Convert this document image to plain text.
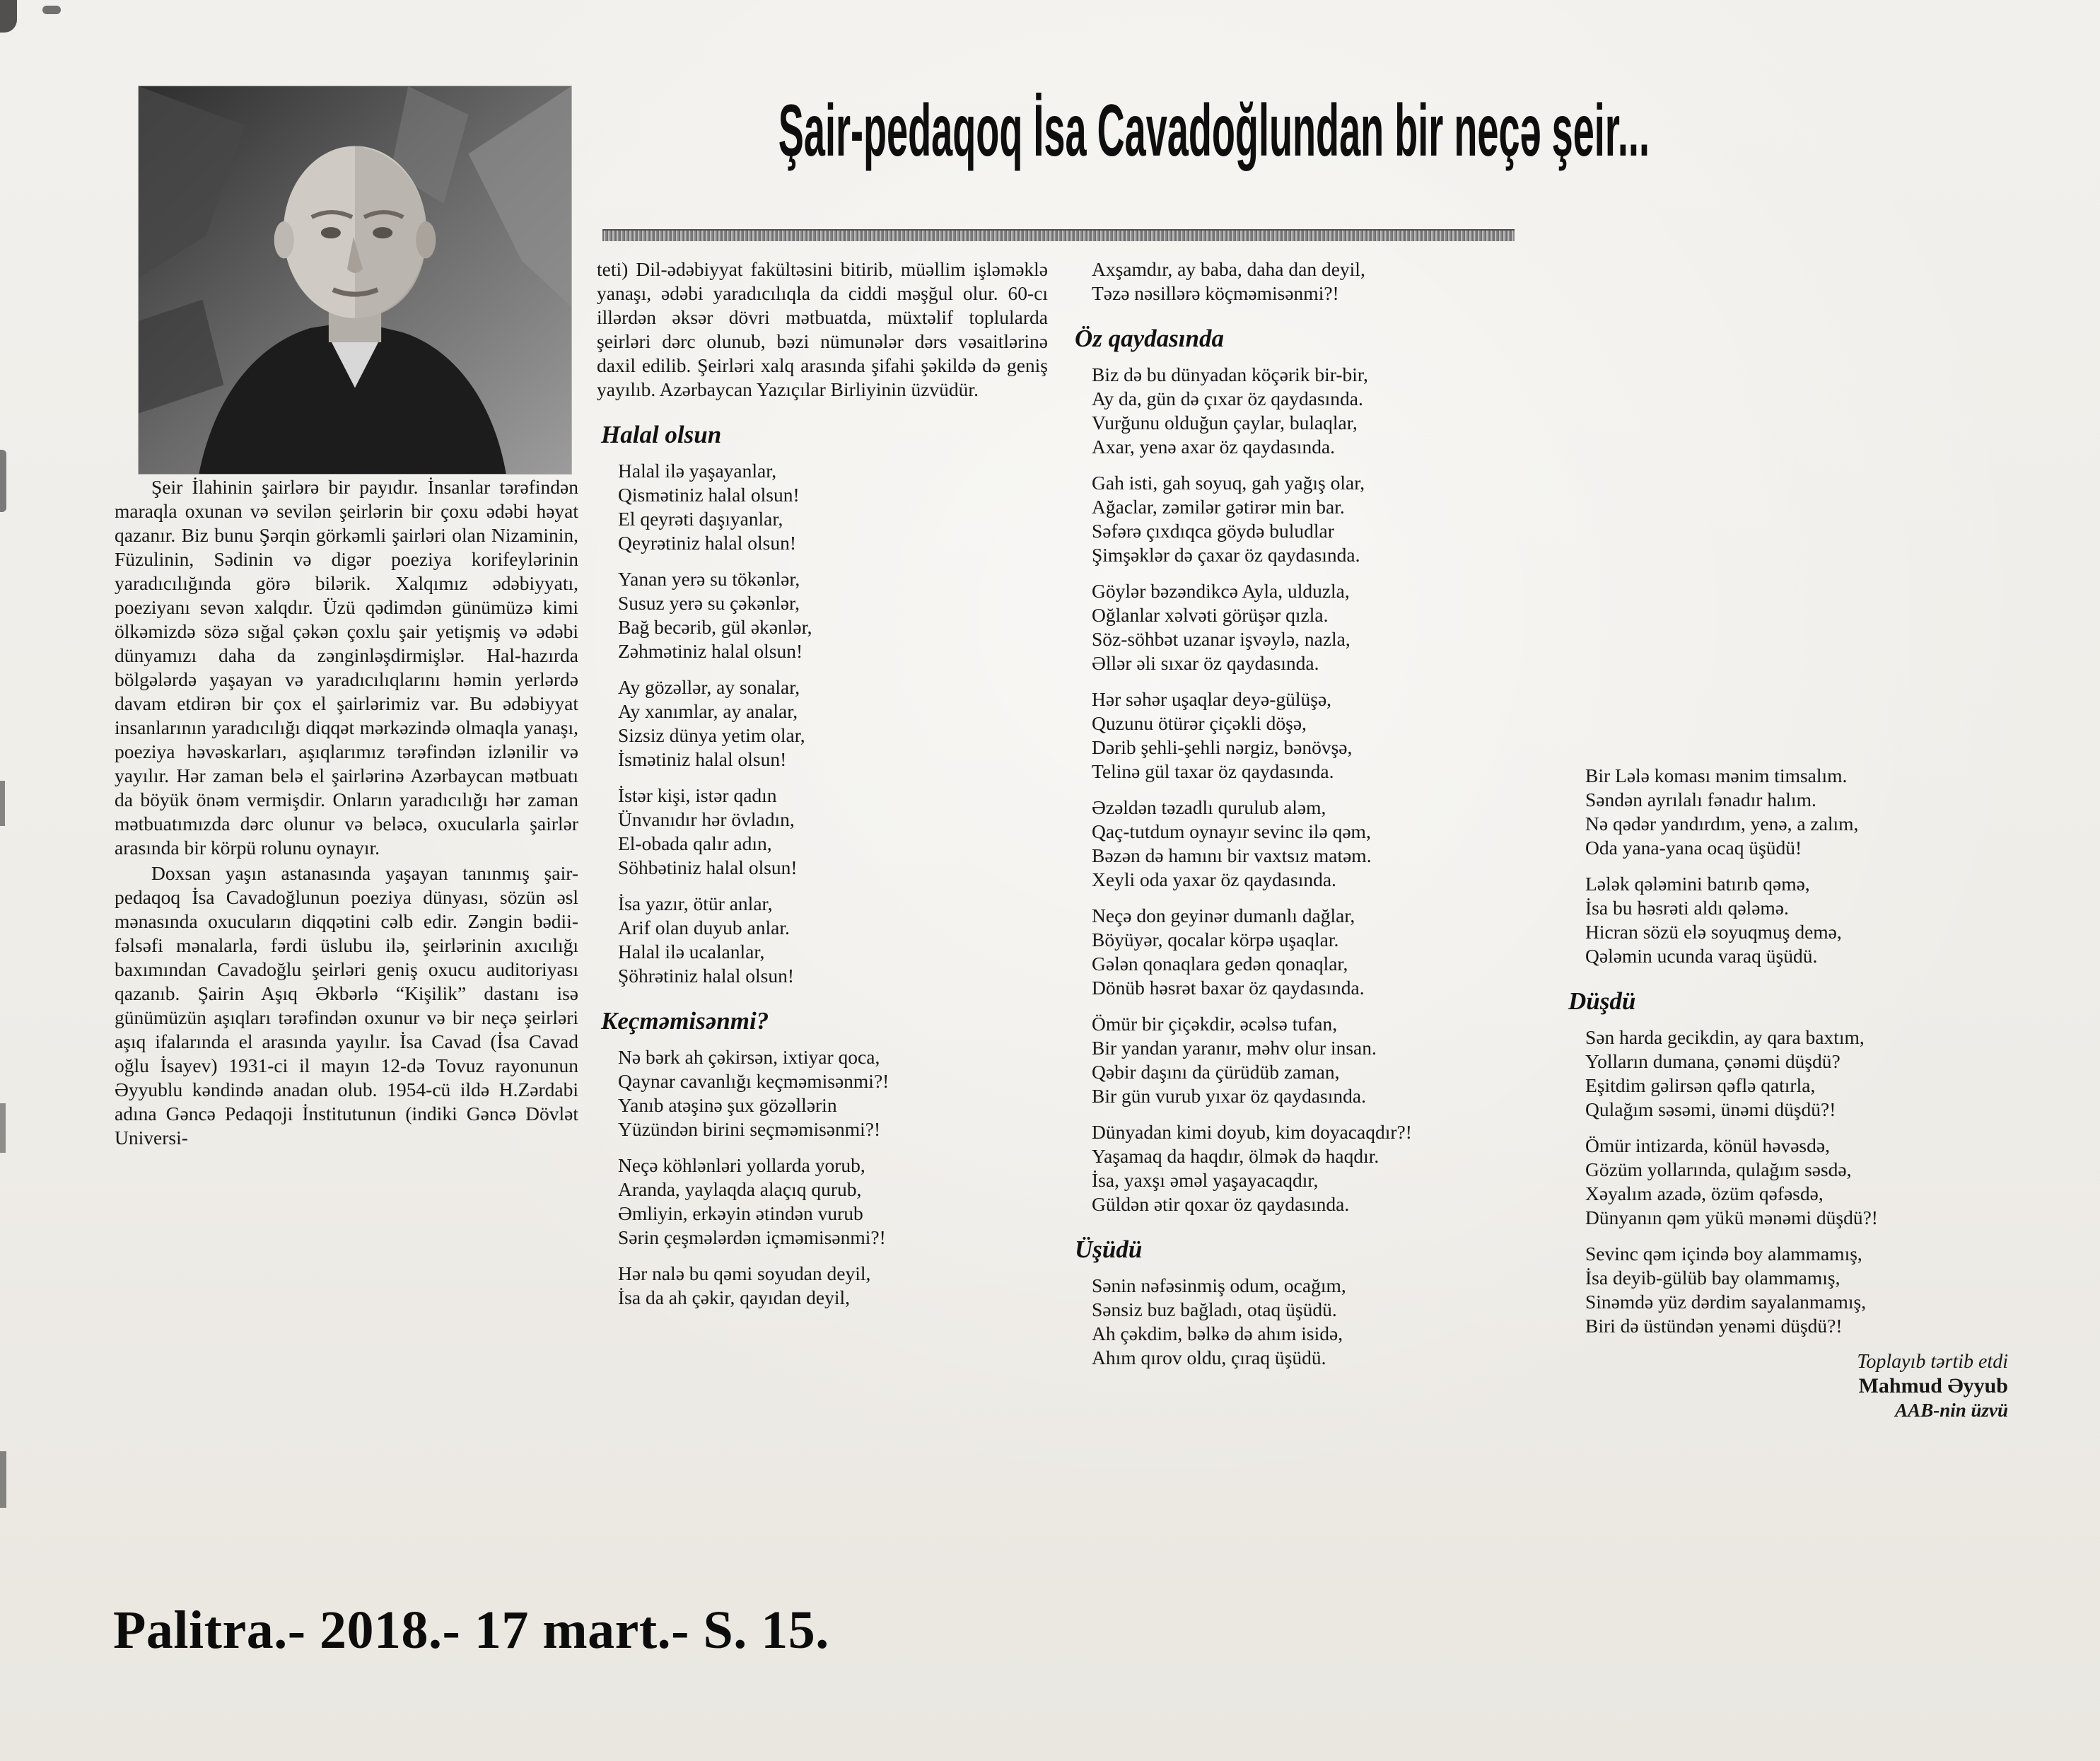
Şair-pedaqoq İsa Cavadoğlundan bir neçə şeir...

Şeir İlahinin şairlərə bir payıdır. İnsanlar tərəfindən maraqla oxunan və sevilən şeirlərin bir çoxu ədəbi həyat qazanır. Biz bunu Şərqin görkəmli şairləri olan Nizaminin, Füzulinin, Sədinin və digər poeziya korifeylərinin yaradıcılığında görə bilərik. Xalqımız ədəbiyyatı, poeziyanı sevən xalqdır. Üzü qədimdən günümüzə kimi ölkəmizdə sözə sığal çəkən çoxlu şair yetişmiş və ədəbi dünyamızı daha da zənginləşdirmişlər. Hal-hazırda bölgələrdə yaşayan və yaradıcılıqlarını həmin yerlərdə davam etdirən bir çox el şairlərimiz var. Bu ədəbiyyat insanlarının yaradıcılığı diqqət mərkəzində olmaqla yanaşı, poeziya həvəskarları, aşıqlarımız tərəfindən izlənilir və yayılır. Hər zaman belə el şairlərinə Azərbaycan mətbuatı da böyük önəm vermişdir. Onların yaradıcılığı hər zaman mətbuatımızda dərc olunur və beləcə, oxucularla şairlər arasında bir körpü rolunu oynayır.

Doxsan yaşın astanasında yaşayan tanınmış şair-pedaqoq İsa Cavadoğlunun poeziya dünyası, sözün əsl mənasında oxucuların diqqətini cəlb edir. Zəngin bədii-fəlsəfi mənalarla, fərdi üslubu ilə, şeirlərinin axıcılığı baxımından Cavadoğlu şeirləri geniş oxucu auditoriyası qazanıb. Şairin Aşıq Əkbərlə “Kişilik” dastanı isə günümüzün aşıqları tərəfindən oxunur və bir neçə şeirləri aşıq ifalarında el arasında yayılır. İsa Cavad (İsa Cavad oğlu İsayev) 1931-ci il mayın 12-də Tovuz rayonunun Əyyublu kəndində anadan olub. 1954-cü ildə H.Zərdabi adına Gəncə Pedaqoji İnstitutunun (indiki Gəncə Dövlət Universi-

teti) Dil-ədəbiyyat fakültəsini bitirib, müəllim işləməklə yanaşı, ədəbi yaradıcılıqla da ciddi məşğul olur. 60-cı illərdən əksər dövri mətbuatda, müxtəlif toplularda şeirləri dərc olunub, bəzi nümunələr dərs vəsaitlərinə daxil edilib. Şeirləri xalq arasında şifahi şəkildə də geniş yayılıb. Azərbaycan Yazıçılar Birliyinin üzvüdür.

Halal olsun
Halal ilə yaşayanlar,
Qismətiniz halal olsun!
El qeyrəti daşıyanlar,
Qeyrətiniz halal olsun!
Yanan yerə su tökənlər,
Susuz yerə su çəkənlər,
Bağ becərib, gül əkənlər,
Zəhmətiniz halal olsun!
Ay gözəllər, ay sonalar,
Ay xanımlar, ay analar,
Sizsiz dünya yetim olar,
İsmətiniz halal olsun!
İstər kişi, istər qadın
Ünvanıdır hər övladın,
El-obada qalır adın,
Söhbətiniz halal olsun!
İsa yazır, ötür anlar,
Arif olan duyub anlar.
Halal ilə ucalanlar,
Şöhrətiniz halal olsun!
Keçməmisənmi?
Nə bərk ah çəkirsən, ixtiyar qoca,
Qaynar cavanlığı keçməmisənmi?!
Yanıb atəşinə şux gözəllərin
Yüzündən birini seçməmisənmi?!
Neçə köhlənləri yollarda yorub,
Aranda, yaylaqda alaçıq qurub,
Əmliyin, erkəyin ətindən vurub
Sərin çeşmələrdən içməmisənmi?!
Hər nalə bu qəmi soyudan deyil,
İsa da ah çəkir, qayıdan deyil,
Axşamdır, ay baba, daha dan deyil,
Təzə nəsillərə köçməmisənmi?!
Öz qaydasında
Biz də bu dünyadan köçərik bir-bir,
Ay da, gün də çıxar öz qaydasında.
Vurğunu olduğun çaylar, bulaqlar,
Axar, yenə axar öz qaydasında.
Gah isti, gah soyuq, gah yağış olar,
Ağaclar, zəmilər gətirər min bar.
Səfərə çıxdıqca göydə buludlar
Şimşəklər də çaxar öz qaydasında.
Göylər bəzəndikcə Ayla, ulduzla,
Oğlanlar xəlvəti görüşər qızla.
Söz-söhbət uzanar işvəylə, nazla,
Əllər əli sıxar öz qaydasında.
Hər səhər uşaqlar deyə-gülüşə,
Quzunu ötürər çiçəkli döşə,
Dərib şehli-şehli nərgiz, bənövşə,
Telinə gül taxar öz qaydasında.
Əzəldən təzadlı qurulub aləm,
Qaç-tutdum oynayır sevinc ilə qəm,
Bəzən də hamını bir vaxtsız matəm.
Xeyli oda yaxar öz qaydasında.
Neçə don geyinər dumanlı dağlar,
Böyüyər, qocalar körpə uşaqlar.
Gələn qonaqlara gedən qonaqlar,
Dönüb həsrət baxar öz qaydasında.
Ömür bir çiçəkdir, əcəlsə tufan,
Bir yandan yaranır, məhv olur insan.
Qəbir daşını da çürüdüb zaman,
Bir gün vurub yıxar öz qaydasında.
Dünyadan kimi doyub, kim doyacaqdır?!
Yaşamaq da haqdır, ölmək də haqdır.
İsa, yaxşı əməl yaşayacaqdır,
Güldən ətir qoxar öz qaydasında.
Üşüdü
Sənin nəfəsinmiş odum, ocağım,
Sənsiz buz bağladı, otaq üşüdü.
Ah çəkdim, bəlkə də ahım isidə,
Ahım qırov oldu, çıraq üşüdü.
Bir Lələ koması mənim timsalım.
Səndən ayrılalı fənadır halım.
Nə qədər yandırdım, yenə, a zalım,
Oda yana-yana ocaq üşüdü!
Lələk qələmini batırıb qəmə,
İsa bu həsrəti aldı qələmə.
Hicran sözü elə soyuqmuş demə,
Qələmin ucunda varaq üşüdü.
Düşdü
Sən harda gecikdin, ay qara baxtım,
Yolların dumana, çənəmi düşdü?
Eşitdim gəlirsən qəflə qatırla,
Qulağım səsəmi, ünəmi düşdü?!
Ömür intizarda, könül həvəsdə,
Gözüm yollarında, qulağım səsdə,
Xəyalım azadə, özüm qəfəsdə,
Dünyanın qəm yükü mənəmi düşdü?!
Sevinc qəm içində boy alammamış,
İsa deyib-gülüb bay olammamış,
Sinəmdə yüz dərdim sayalanmamış,
Biri də üstündən yenəmi düşdü?!
Toplayıb tərtib etdi
Mahmud Əyyub
AAB-nin üzvü
Palitra.- 2018.- 17 mart.- S. 15.
